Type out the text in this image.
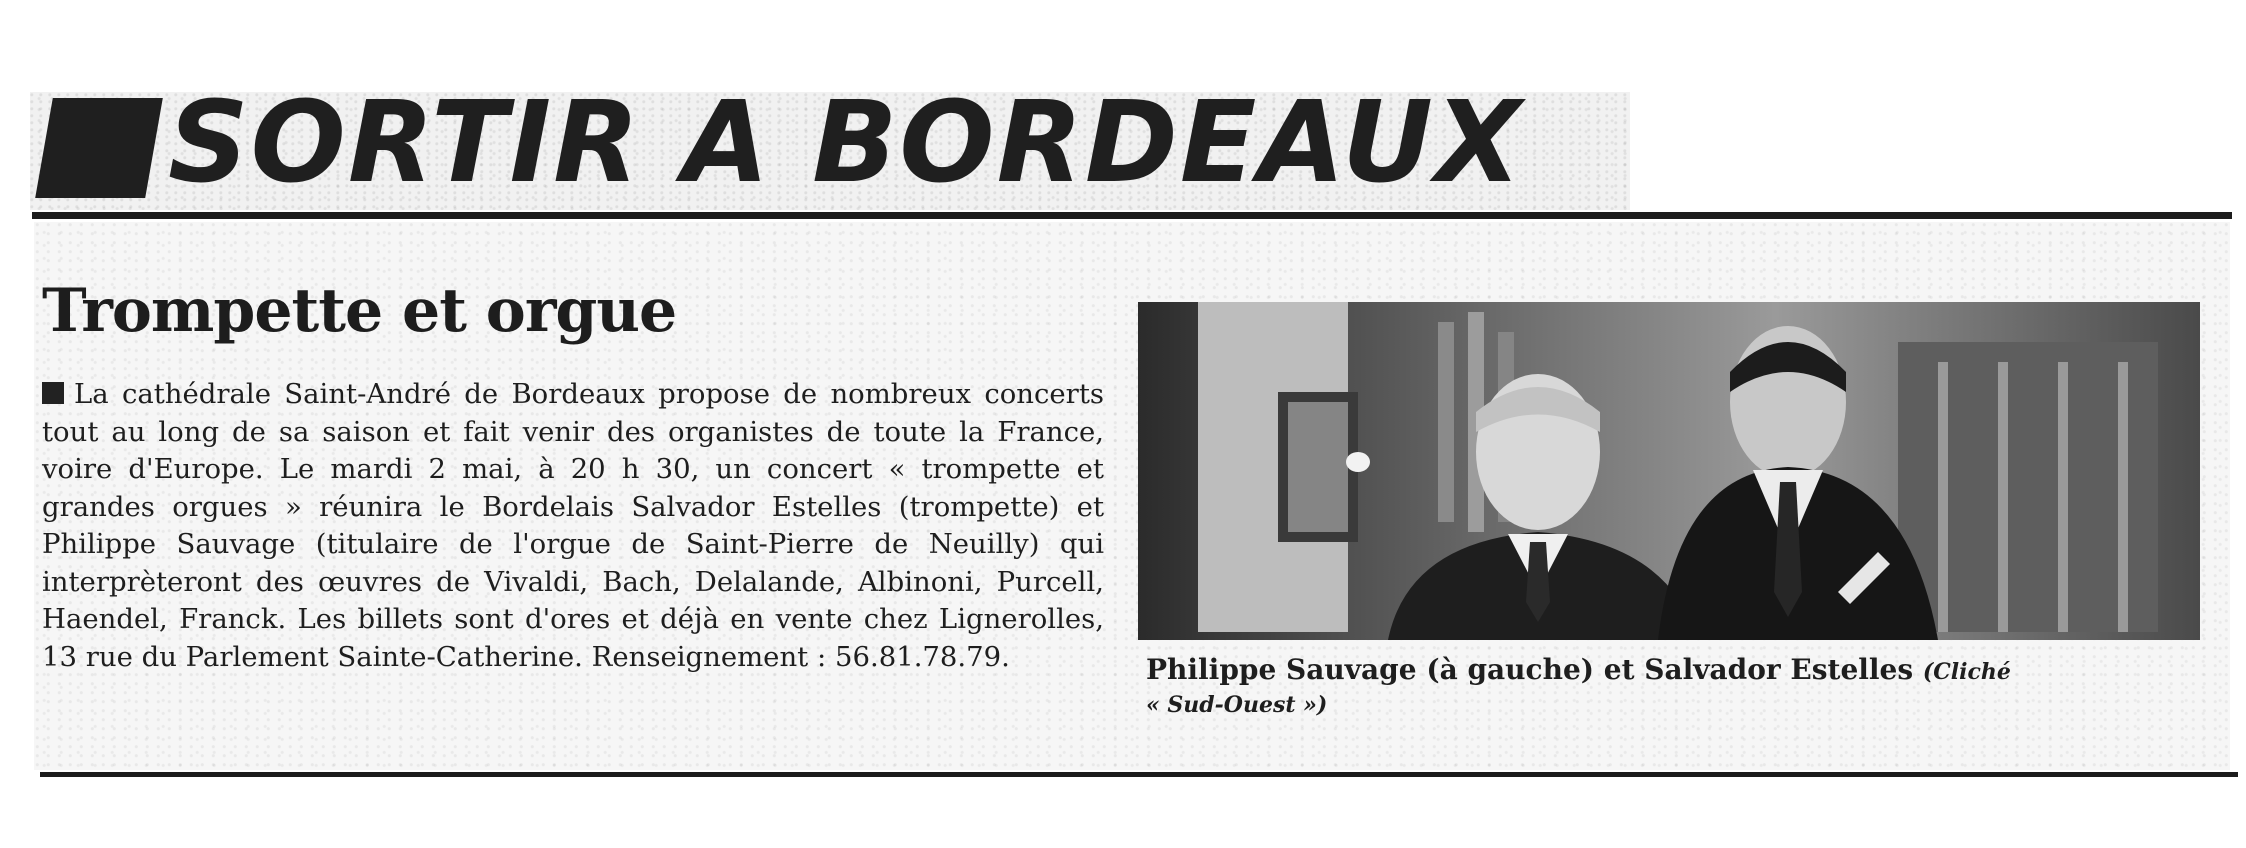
SORTIR A BORDEAUX
Trompette et orgue
La cathédrale Saint-André de Bordeaux propose de nombreux concerts tout au long de sa saison et fait venir des organistes de toute la France, voire d'Europe. Le mardi 2 mai, à 20 h 30, un concert « trompette et grandes orgues » réunira le Bordelais Salvador Estelles (trompette) et Philippe Sauvage (titulaire de l'orgue de Saint-Pierre de Neuilly) qui interprèteront des œuvres de Vivaldi, Bach, Delalande, Albinoni, Purcell, Haendel, Franck. Les billets sont d'ores et déjà en vente chez Lignerolles, 13 rue du Parlement Sainte-Catherine. Renseignement : 56.81.78.79.	Philippe Sauvage (à gauche) et Salvador Estelles (Cliché
« Sud-Ouest »)
